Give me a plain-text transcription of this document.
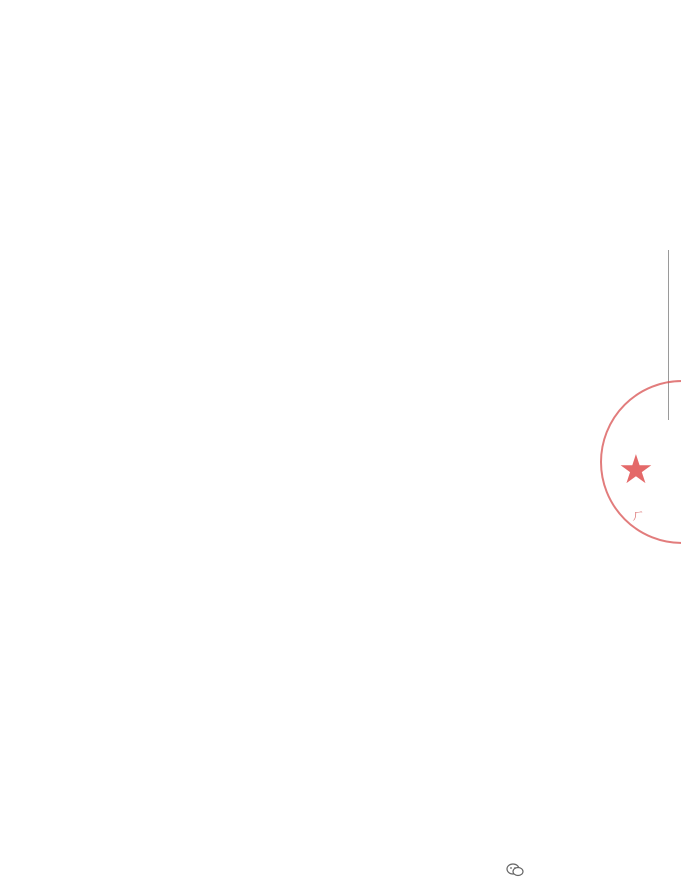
★
ㄏ
